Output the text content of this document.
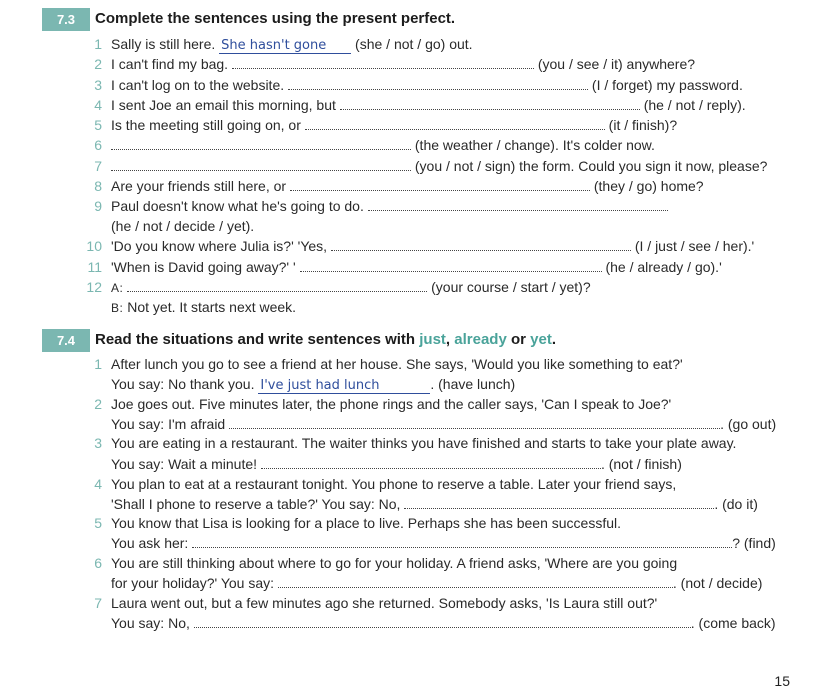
7.3	Complete the sentences using the present perfect.
1 Sally is still here. She hasn't gone (she / not / go) out.
2 I can't find my bag.	(you / see / it) anywhere?
3 I can't log on to the website.	(I / forget) my password.
4 I sent Joe an email this morning, but	(he / not / reply).
5 Is the meeting still going on, or	(it / finish)?
6	(the weather / change). It's colder now.
7	(you / not / sign) the form. Could you sign it now, please?
8 Are your friends still here, or	(they / go) home?
9 Paul doesn't know what he's going to do.
(he / not / decide / yet).
10 'Do you know where Julia is?' 'Yes,	(I / just / see / her).'
11 'When is David going away?' '	(he / already / go).'
12 A:	(your course / start / yet)?
B: Not yet. It starts next week.
7.4	Read the situations and write sentences with just, already or yet.
1 After lunch you go to see a friend at her house. She says, 'Would you like something to eat?'
You say: No thank you. I've just had lunch	. (have lunch)
2 Joe goes out. Five minutes later, the phone rings and the caller says, 'Can I speak to Joe?'
You say: I'm afraid	. (go out)
3 You are eating in a restaurant. The waiter thinks you have finished and starts to take your plate away.
You say: Wait a minute!	. (not / finish)
4 You plan to eat at a restaurant tonight. You phone to reserve a table. Later your friend says,
'Shall I phone to reserve a table?' You say: No,	. (do it)
5 You know that Lisa is looking for a place to live. Perhaps she has been successful.
You ask her:	? (find)
6 You are still thinking about where to go for your holiday. A friend asks, 'Where are you going
for your holiday?' You say:	. (not / decide)
7 Laura went out, but a few minutes ago she returned. Somebody asks, 'Is Laura still out?'
You say: No,	. (come back)
15
